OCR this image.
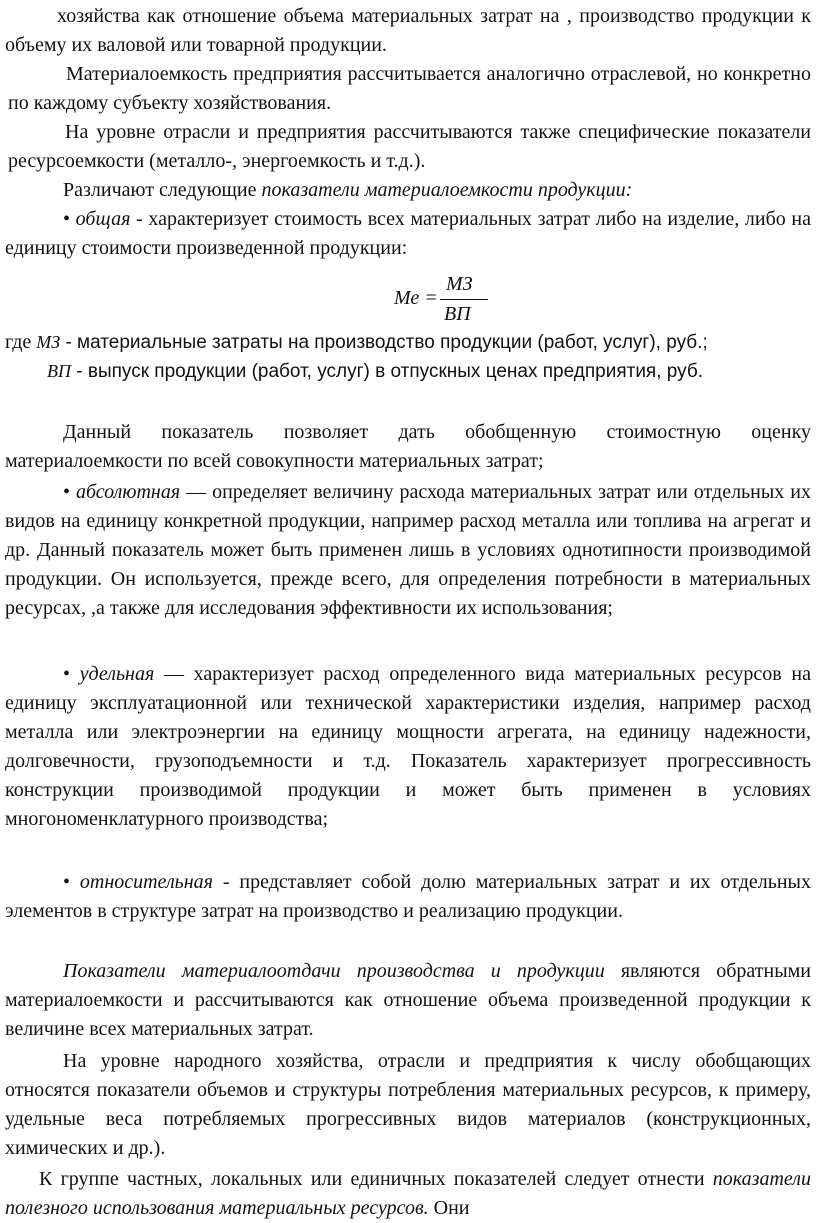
хозяйства как отношение объема материальных затрат на , производство продукции к объему их валовой или товарной продукции.
Материалоемкость предприятия рассчитывается аналогично отраслевой, но конкретно по каждому субъекту хозяйствования.
На уровне отрасли и предприятия рассчитываются также специфические показатели ресурсоемкости (металло-, энергоемкость и т.д.).
Различают следующие показатели материалоемкости продукции:
• общая - характеризует стоимость всех материальных затрат либо на изделие, либо на единицу стоимости произведенной продукции:
Ме =
МЗ
ВП
где МЗ - материальные затраты на производство продукции (работ, услуг), руб.;
ВП - выпуск продукции (работ, услуг) в отпускных ценах предприятия, руб.
Данный показатель позволяет дать обобщенную стоимостную оценку материалоемкости по всей совокупности материальных затрат;
• абсолютная — определяет величину расхода материальных затрат или отдельных их видов на единицу конкретной продукции, например расход металла или топлива на агрегат и др. Данный показатель может быть применен лишь в условиях однотипности производимой продукции. Он используется, прежде всего, для определения потребности в материальных ресурсах, ,а также для исследования эффективности их использования;
• удельная — характеризует расход определенного вида материальных ресурсов на единицу эксплуатационной или технической характеристики изделия, например расход металла или электроэнергии на единицу мощности агрегата, на единицу надежности, долговечности, грузоподъемности и т.д. Показатель характеризует прогрессивность конструкции производимой продукции и может быть применен в условиях многономенклатурного производства;
• относительная - представляет собой долю материальных затрат и их отдельных элементов в структуре затрат на производство и реализацию продукции.
Показатели материалоотдачи производства и продукции являются обратными материалоемкости и рассчитываются как отношение объема произведенной продукции к величине всех материальных затрат.
На уровне народного хозяйства, отрасли и предприятия к числу обобщающих относятся показатели объемов и структуры потребления материальных ресурсов, к примеру, удельные веса потребляемых прогрессивных видов материалов (конструкционных, химических и др.).
К группе частных, локальных или единичных показателей следует отнести показатели полезного использования материальных ресурсов. Они
